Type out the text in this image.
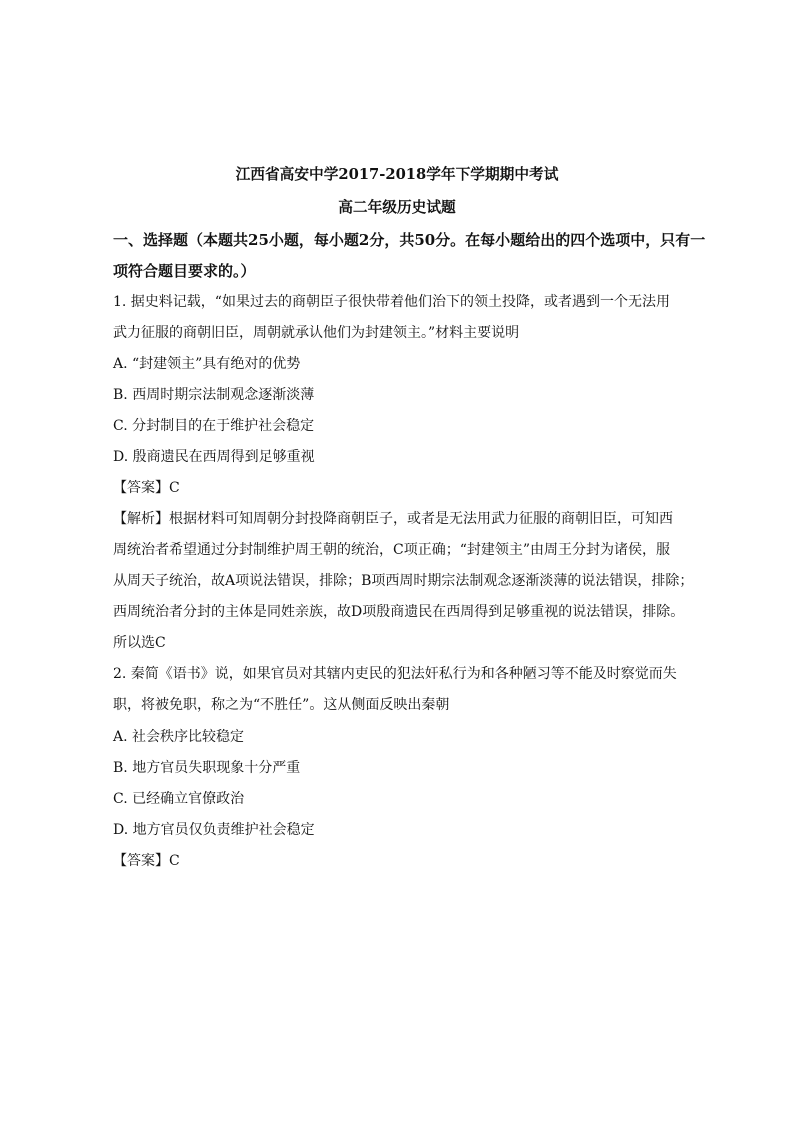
江西省高安中学2017-2018学年下学期期中考试
高二年级历史试题
一、选择题（本题共25小题，每小题2分，共50分。在每小题给出的四个选项中，只有一
项符合题目要求的。）
1. 据史料记载，“如果过去的商朝臣子很快带着他们治下的领土投降，或者遇到一个无法用
武力征服的商朝旧臣，周朝就承认他们为封建领主。”材料主要说明
A. “封建领主”具有绝对的优势
B. 西周时期宗法制观念逐渐淡薄
C. 分封制目的在于维护社会稳定
D. 殷商遗民在西周得到足够重视
【答案】C
【解析】根据材料可知周朝分封投降商朝臣子，或者是无法用武力征服的商朝旧臣，可知西
周统治者希望通过分封制维护周王朝的统治，C项正确；“封建领主”由周王分封为诸侯，服
从周天子统治，故A项说法错误，排除；B项西周时期宗法制观念逐渐淡薄的说法错误，排除；
西周统治者分封的主体是同姓亲族，故D项殷商遗民在西周得到足够重视的说法错误，排除。
所以选C
2. 秦简《语书》说，如果官员对其辖内吏民的犯法奸私行为和各种陋习等不能及时察觉而失
职，将被免职，称之为“不胜任”。这从侧面反映出秦朝
A. 社会秩序比较稳定
B. 地方官员失职现象十分严重
C. 已经确立官僚政治
D. 地方官员仅负责维护社会稳定
【答案】C
